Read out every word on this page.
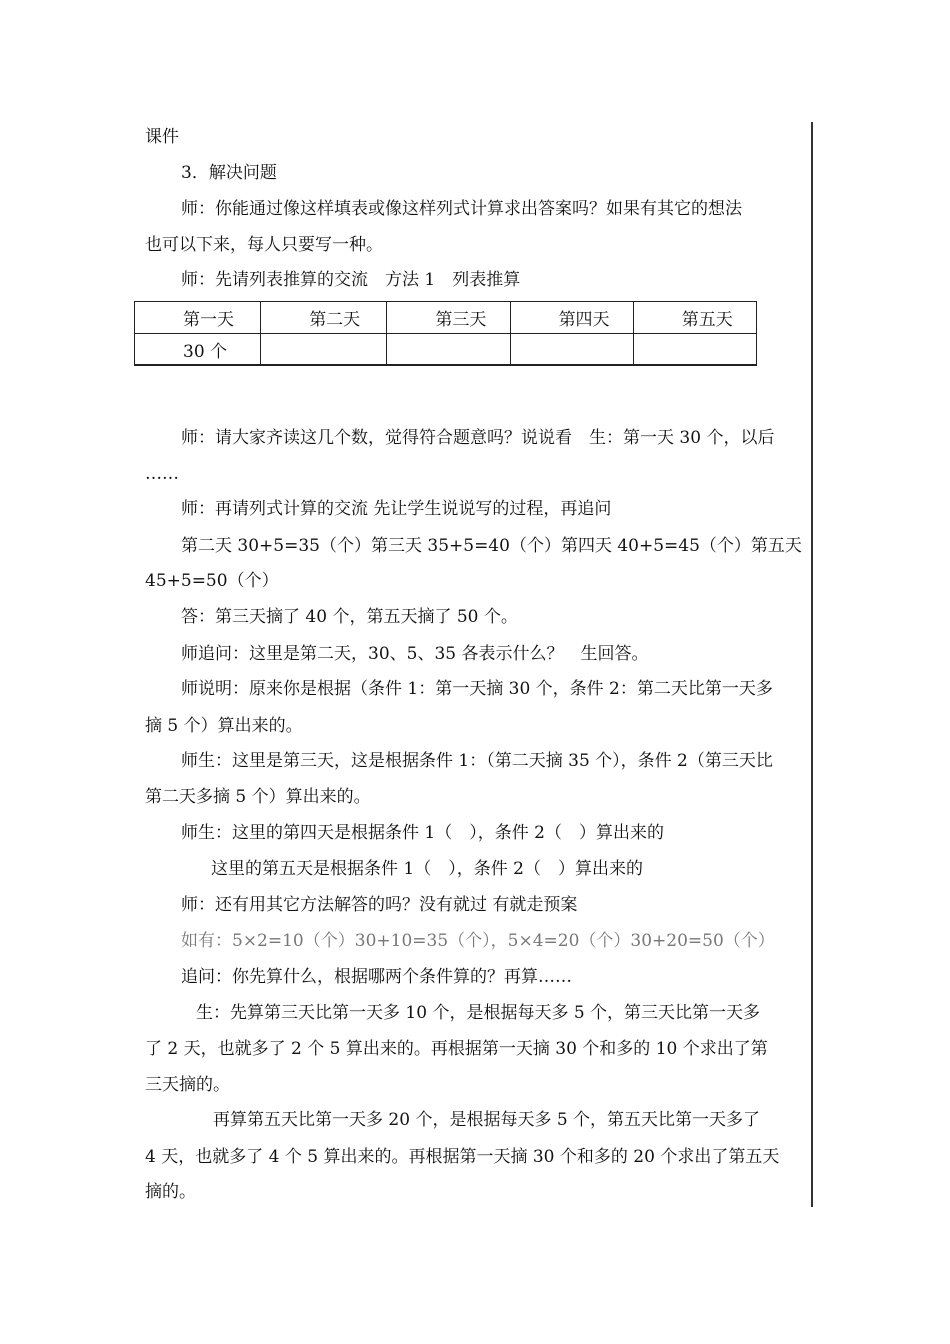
课件
3．解决问题
师：你能通过像这样填表或像这样列式计算求出答案吗？如果有其它的想法
也可以下来，每人只要写一种。
师：先请列表推算的交流　方法 1　列表推算
第一天	第二天	第三天	第四天	第五天

30 个				

师：请大家齐读这几个数，觉得符合题意吗？说说看　生：第一天 30 个，以后
……
师：再请列式计算的交流 先让学生说说写的过程，再追问
第二天 30+5=35（个）第三天 35+5=40（个）第四天 40+5=45（个）第五天
45+5=50（个）
答：第三天摘了 40 个，第五天摘了 50 个。
师追问：这里是第二天，30、5、35 各表示什么？　生回答。
师说明：原来你是根据（条件 1：第一天摘 30 个，条件 2：第二天比第一天多
摘 5 个）算出来的。
师生：这里是第三天，这是根据条件 1：（第二天摘 35 个），条件 2（第三天比
第二天多摘 5 个）算出来的。
师生：这里的第四天是根据条件 1（　），条件 2（　）算出来的
这里的第五天是根据条件 1（　），条件 2（　）算出来的
师：还有用其它方法解答的吗？没有就过 有就走预案
如有：5×2=10（个）30+10=35（个），5×4=20（个）30+20=50（个）
追问：你先算什么，根据哪两个条件算的？再算……
生：先算第三天比第一天多 10 个，是根据每天多 5 个，第三天比第一天多
了 2 天，也就多了 2 个 5 算出来的。再根据第一天摘 30 个和多的 10 个求出了第
三天摘的。
再算第五天比第一天多 20 个，是根据每天多 5 个，第五天比第一天多了
4 天，也就多了 4 个 5 算出来的。再根据第一天摘 30 个和多的 20 个求出了第五天
摘的。
